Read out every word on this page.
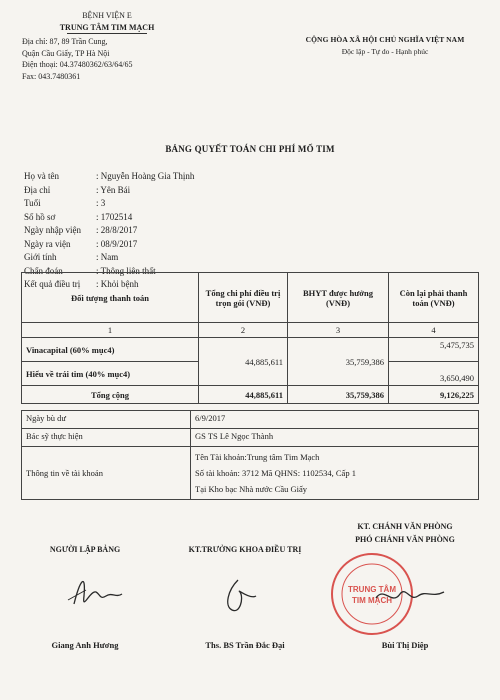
BỆNH VIỆN E
TRUNG TÂM TIM MẠCH
Địa chỉ: 87, 89 Trần Cung,
Quận Cầu Giấy, TP Hà Nội
Điện thoại: 04.37480362/63/64/65
Fax: 043.7480361
CỘNG HÒA XÃ HỘI CHỦ NGHĨA VIỆT NAM
Độc lập - Tự do - Hạnh phúc
BẢNG QUYẾT TOÁN CHI PHÍ MỔ TIM
Họ và tên	: Nguyễn Hoàng Gia Thịnh
Địa chỉ	: Yên Bái
Tuổi	: 3
Số hồ sơ	: 1702514
Ngày nhập viện : 28/8/2017
Ngày ra viện	: 08/9/2017
Giới tính	: Nam
Chẩn đoán	: Thông liên thất
Kết quả điều trị : Khỏi bệnh
Đối tượng thanh toán	Tổng chi phí điều trị trọn gói (VNĐ)	BHYT được hưởng (VNĐ)	Còn lại phải thanh toán (VNĐ)
1	2	3	4
Vinacapital (60% mục4)	44,885,611	35,759,386	5,475,735
Hiểu về trái tim (40% mục4)			3,650,490
Tổng cộng	44,885,611	35,759,386	9,126,225
Ngày bù dư	6/9/2017
Bác sỹ thực hiện	GS TS Lê Ngọc Thành
Thông tin về tài khoản	Tên Tài khoản:Trung tâm Tim Mạch
Số tài khoản: 3712 Mã QHNS: 1102534, Cấp 1
Tại Kho bạc Nhà nước Cầu Giấy
NGƯỜI LẬP BẢNG	KT.TRƯỞNG KHOA ĐIỀU TRỊ
KT. CHÁNH VĂN PHÒNG
PHÓ CHÁNH VĂN PHÒNG
TRUNG TÂM
TIM MẠCH
Giang Anh Hương	Ths. BS Trần Đắc Đại	Bùi Thị Diệp
